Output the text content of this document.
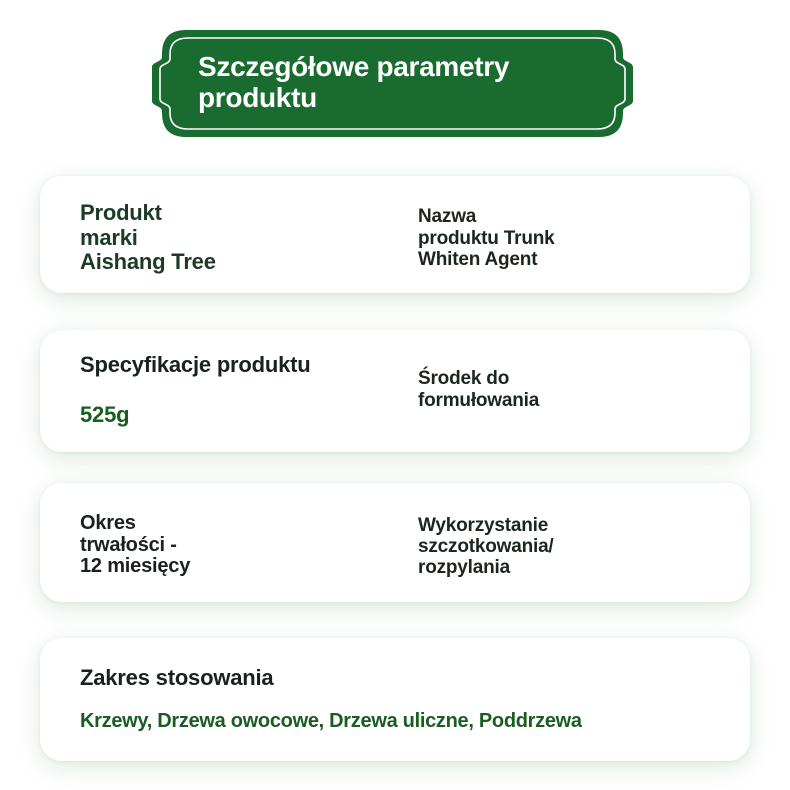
Szczegółowe parametry produktu
Produkt
marki
Aishang Tree
Nazwa
produktu Trunk
Whiten Agent
Specyfikacje produktu
525g
Środek do
formułowania
Okres
trwałości -
12 miesięcy
Wykorzystanie
szczotkowania/
rozpylania
Zakres stosowania
Krzewy, Drzewa owocowe, Drzewa uliczne, Poddrzewa
